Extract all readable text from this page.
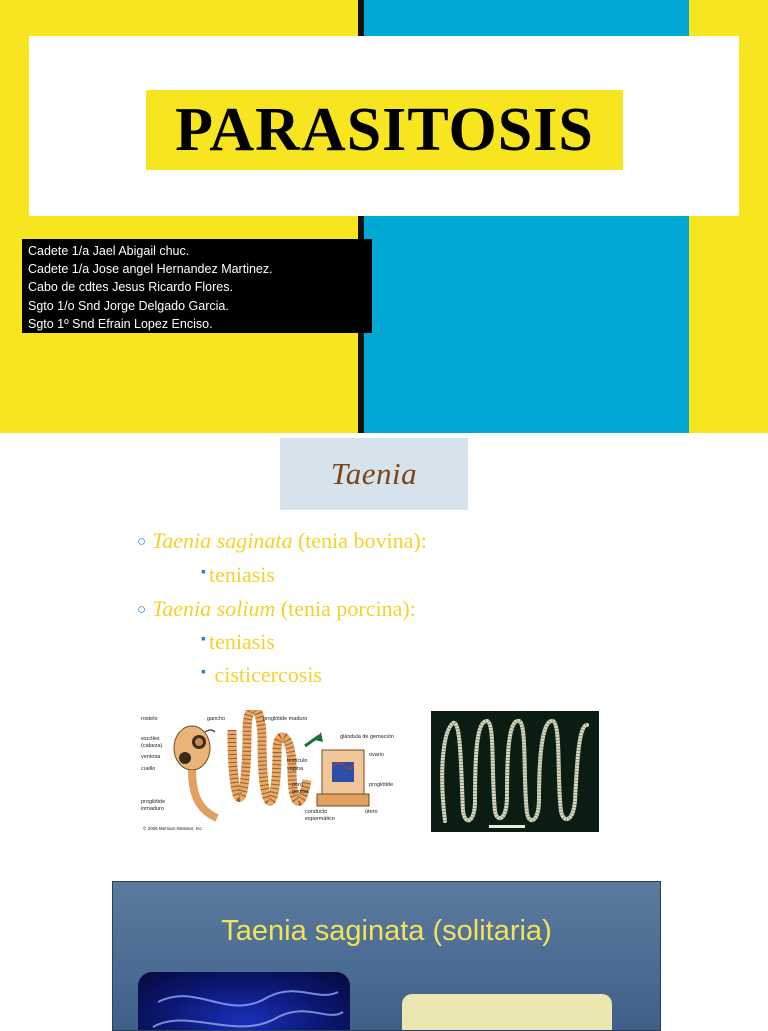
PARASITOSIS
Cadete 1/a Jael Abigail chuc.
Cadete 1/a Jose angel Hernandez Martinez.
Cabo de cdtes Jesus Ricardo Flores.
Sgto 1/o Snd Jorge Delgado Garcia.
Sgto 1º Snd Efrain Lopez Enciso.
Taenia
○ Taenia saginata (tenia bovina):
▪ teniasis
○ Taenia solium (tenia porcina):
▪ teniasis
▪ cisticercosis
rostelo	gancho	proglótide maduro
glándula de gemación
escólex
(cabeza)
ventosa
cuello
testículo
vagina
ovario
poro
genital
proglótide
proglótide
inmaduro	conducto
espermático
útero
© 2006 Merriam-Webster, Inc.
Taenia saginata (solitaria)
